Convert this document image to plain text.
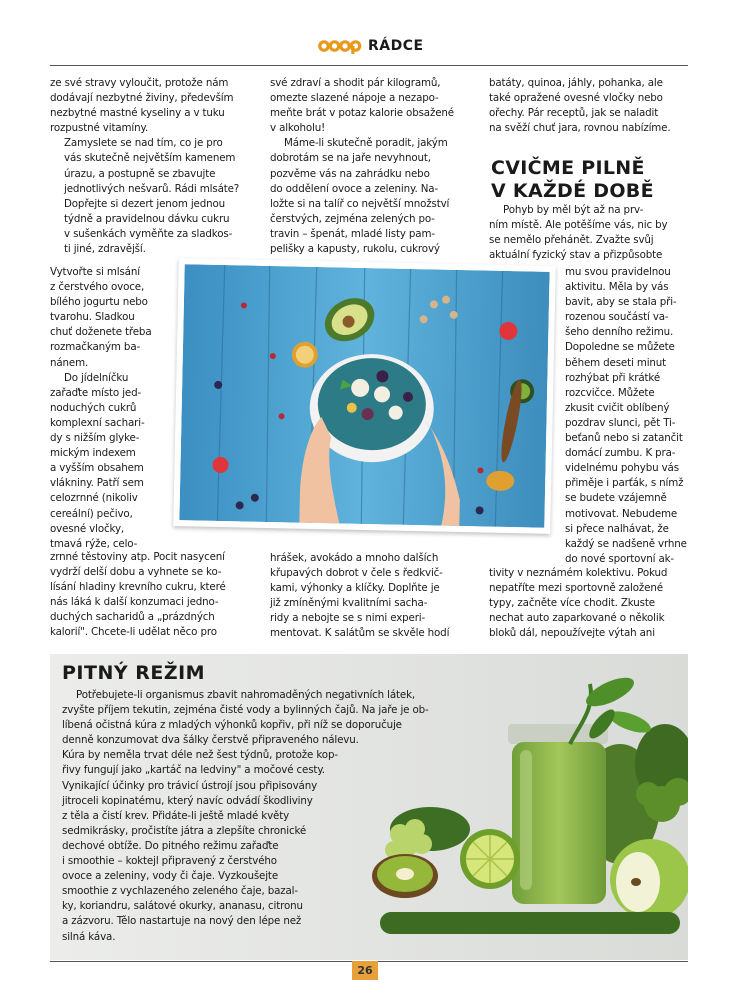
RÁDCE

ze své stravy vyloučit, protože nám
dodávají nezbytné živiny, především
nezbytné mastné kyseliny a v tuku
rozpustné vitamíny.

Zamyslete se nad tím, co je pro
vás skutečně největším kamenem
úrazu, a postupně se zbavujte
jednotlivých nešvarů. Rádi mlsáte?
Dopřejte si dezert jenom jednou
týdně a pravidelnou dávku cukru
v sušenkách vyměňte za sladkos-
ti jiné, zdravější.

Vytvořte si mlsání
z čerstvého ovoce,
bílého jogurtu nebo
tvarohu. Sladkou
chuť doženete třeba
rozmačkaným ba-
nánem.

Do jídelníčku
zařaďte místo jed-
noduchých cukrů
komplexní sachari-
dy s nižším glyke-
mickým indexem
a vyšším obsahem
vlákniny. Patří sem
celozrnné (nikoliv
cereální) pečivo,
ovesné vločky,
tmavá rýže, celo-

zrnné těstoviny atp. Pocit nasycení
vydrží delší dobu a vyhnete se ko-
lísání hladiny krevního cukru, které
nás láká k další konzumaci jedno-
duchých sacharidů a „prázdných
kalorií". Chcete-li udělat něco pro

své zdraví a shodit pár kilogramů,
omezte slazené nápoje a nezapo-
meňte brát v potaz kalorie obsažené
v alkoholu!

Máme-li skutečně poradit, jakým
dobrotám se na jaře nevyhnout,
pozvěme vás na zahrádku nebo
do oddělení ovoce a zeleniny. Na-
ložte si na talíř co největší množství
čerstvých, zejména zelených po-
travin – špenát, mladé listy pam-
pelišky a kapusty, rukolu, cukrový

hrášek, avokádo a mnoho dalších
křupavých dobrot v čele s ředkvič-
kami, výhonky a klíčky. Doplňte je
již zmíněnými kvalitními sacha-
ridy a nebojte se s nimi experi-
mentovat. K salátům se skvěle hodí

batáty, quinoa, jáhly, pohanka, ale
také opražené ovesné vločky nebo
ořechy. Pár receptů, jak se naladit
na svěží chuť jara, rovnou nabízíme.

CVIČME PILNĚ
V KAŽDÉ DOBĚ

Pohyb by měl být až na prv-
ním místě. Ale potěšíme vás, nic by
se nemělo přehánět. Zvažte svůj
aktuální fyzický stav a přizpůsobte

mu svou pravidelnou
aktivitu. Měla by vás
bavit, aby se stala při-
rozenou součástí va-
šeho denního režimu.
Dopoledne se můžete
během deseti minut
rozhýbat při krátké
rozcvičce. Můžete
zkusit cvičit oblíbený
pozdrav slunci, pět Ti-
beťanů nebo si zatančit
domácí zumbu. K pra-
videlnému pohybu vás
přiměje i parťák, s nímž
se budete vzájemně
motivovat. Nebudeme
si přece nalhávat, že
každý se nadšeně vrhne
do nové sportovní ak-

tivity v neznámém kolektivu. Pokud
nepatříte mezi sportovně založené
typy, začněte více chodit. Zkuste
nechat auto zaparkované o několik
bloků dál, nepoužívejte výtah ani

PITNÝ REŽIM
Potřebujete-li organismus zbavit nahromaděných negativních látek,
zvyšte příjem tekutin, zejména čisté vody a bylinných čajů. Na jaře je ob-
líbená očistná kúra z mladých výhonků kopřiv, při níž se doporučuje
denně konzumovat dva šálky čerstvě připraveného nálevu.
Kúra by neměla trvat déle než šest týdnů, protože kop-
řivy fungují jako „kartáč na ledviny" a močové cesty.
Vynikající účinky pro trávicí ústrojí jsou připisovány
jitroceli kopinatému, který navíc odvádí škodliviny
z těla a čistí krev. Přidáte-li ještě mladé květy
sedmikrásky, pročistíte játra a zlepšíte chronické
dechové obtíže. Do pitného režimu zařaďte
i smoothie – koktejl připravený z čerstvého
ovoce a zeleniny, vody či čaje. Vyzkoušejte
smoothie z vychlazeného zeleného čaje, bazal-
ky, koriandru, salátové okurky, ananasu, citronu
a zázvoru. Tělo nastartuje na nový den lépe než
silná káva.
26
